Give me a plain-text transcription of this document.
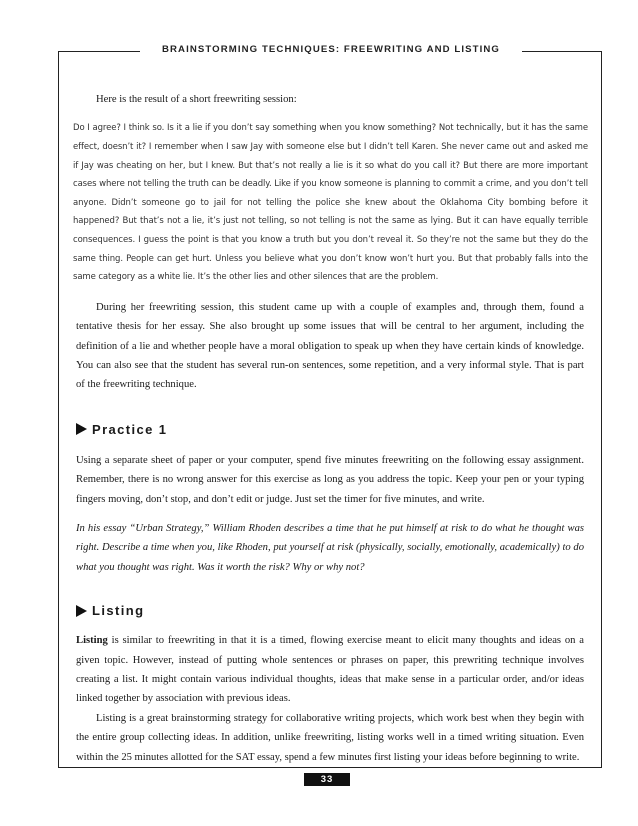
BRAINSTORMING TECHNIQUES: FREEWRITING AND LISTING

Here is the result of a short freewriting session:

Do I agree? I think so. Is it a lie if you don’t say something when you know something? Not technically, but it has the same effect, doesn’t it? I remember when I saw Jay with someone else but I didn’t tell Karen. She never came out and asked me if Jay was cheating on her, but I knew. But that’s not really a lie is it so what do you call it? But there are more important cases where not telling the truth can be deadly. Like if you know someone is planning to commit a crime, and you don’t tell anyone. Didn’t someone go to jail for not telling the police she knew about the Oklahoma City bombing before it happened? But that’s not a lie, it’s just not telling, so not telling is not the same as lying. But it can have equally terrible consequences. I guess the point is that you know a truth but you don’t reveal it. So they’re not the same but they do the same thing. People can get hurt. Unless you believe what you don’t know won’t hurt you. But that probably falls into the same category as a white lie. It’s the other lies and other silences that are the problem.

During her freewriting session, this student came up with a couple of examples and, through them, found a tentative thesis for her essay. She also brought up some issues that will be central to her argument, including the definition of a lie and whether people have a moral obligation to speak up when they have certain kinds of knowledge. You can also see that the student has several run-on sentences, some repetition, and a very informal style. That is part of the freewriting technique.

Practice 1

Using a separate sheet of paper or your computer, spend five minutes freewriting on the following essay assignment. Remember, there is no wrong answer for this exercise as long as you address the topic. Keep your pen or your typing fingers moving, don’t stop, and don’t edit or judge. Just set the timer for five minutes, and write.

In his essay “Urban Strategy,” William Rhoden describes a time that he put himself at risk to do what he thought was right. Describe a time when you, like Rhoden, put yourself at risk (physically, socially, emotionally, academically) to do what you thought was right. Was it worth the risk? Why or why not?

Listing

Listing is similar to freewriting in that it is a timed, flowing exercise meant to elicit many thoughts and ideas on a given topic. However, instead of putting whole sentences or phrases on paper, this prewriting technique involves creating a list. It might contain various individual thoughts, ideas that make sense in a particular order, and/or ideas linked together by association with previous ideas.

Listing is a great brainstorming strategy for collaborative writing projects, which work best when they begin with the entire group collecting ideas. In addition, unlike freewriting, listing works well in a timed writing situation. Even within the 25 minutes allotted for the SAT essay, spend a few minutes first listing your ideas before beginning to write.

33
